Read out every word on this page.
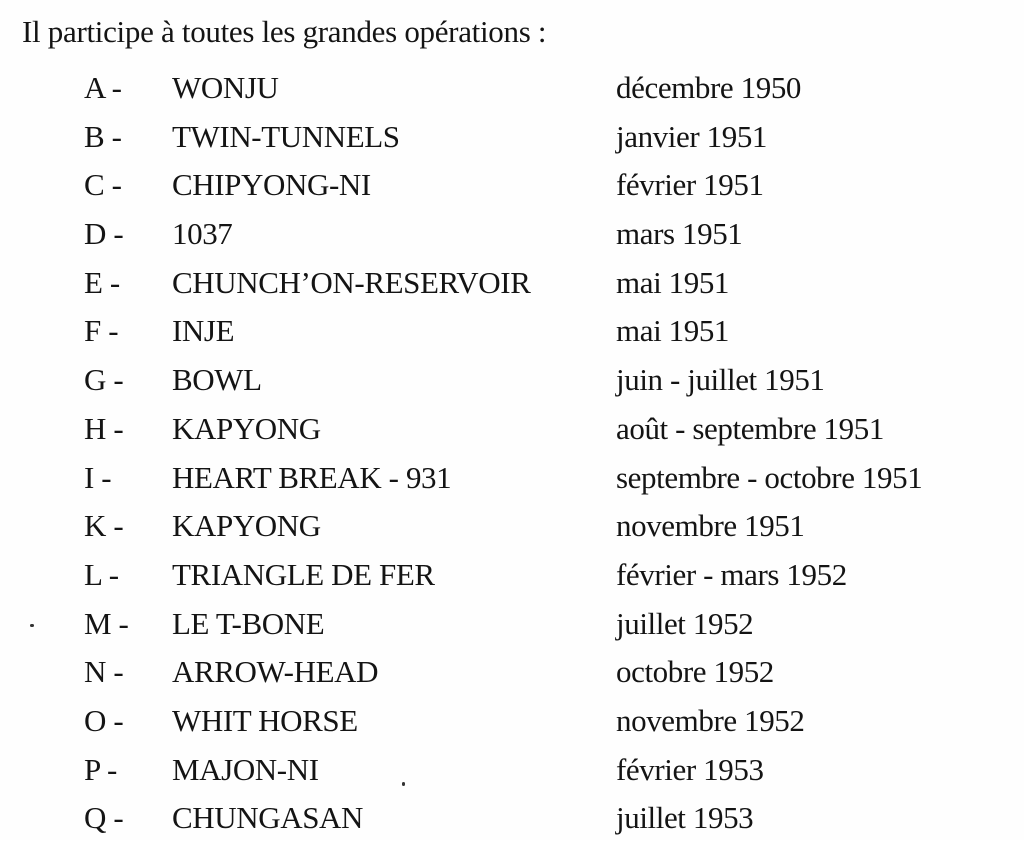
Il participe à toutes les grandes opérations :
A - WONJU	décembre 1950
B - TWIN-TUNNELS	janvier 1951
C - CHIPYONG-NI	février 1951
D - 1037	mars 1951
E - CHUNCH’ON-RESERVOIR	mai 1951
F - INJE	mai 1951
G - BOWL	juin - juillet 1951
H - KAPYONG	août - septembre 1951
I - HEART BREAK - 931	septembre - octobre 1951
K - KAPYONG	novembre 1951
L - TRIANGLE DE FER	février - mars 1952
M - LE T-BONE	juillet 1952
N - ARROW-HEAD	octobre 1952
O - WHIT HORSE	novembre 1952
P - MAJON-NI	février 1953
Q - CHUNGASAN	juillet 1953
